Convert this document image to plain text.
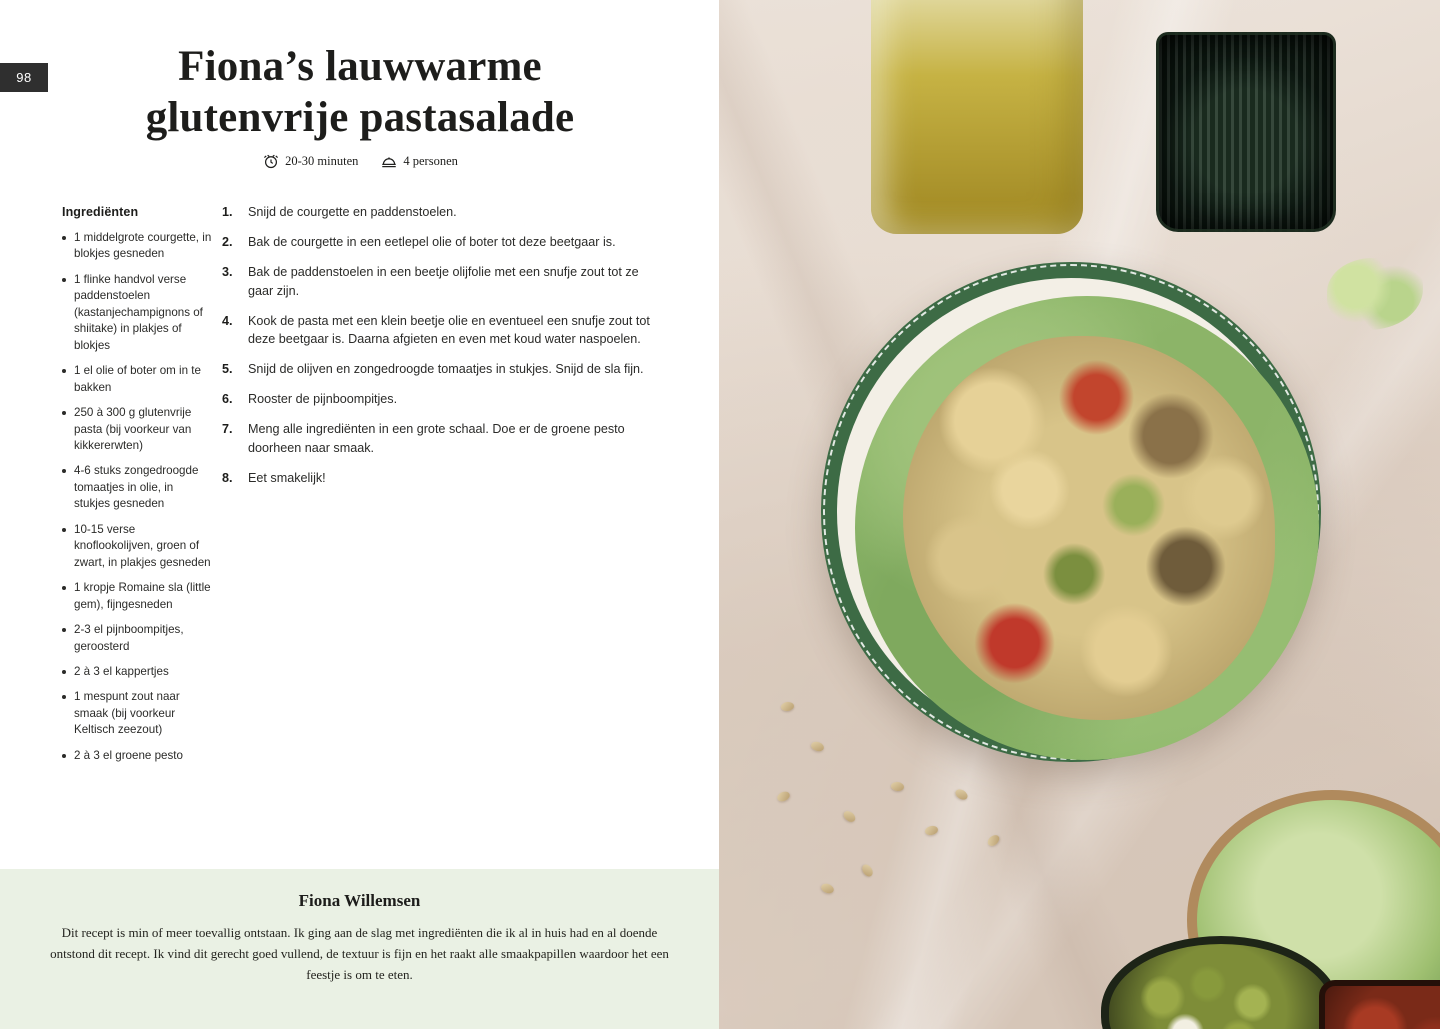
98	Fiona’s lauwwarme
glutenvrije pastasalade
20-30 minuten	4 personen
Ingrediënten
1 middelgrote courgette, in blokjes gesneden
1 flinke handvol verse paddenstoelen (kastanjechampignons of shiitake) in plakjes of blokjes
1 el olie of boter om in te bakken
250 à 300 g glutenvrije pasta (bij voorkeur van kikkererwten)
4-6 stuks zongedroogde tomaatjes in olie, in stukjes gesneden
10-15 verse knoflookolijven, groen of zwart, in plakjes gesneden
1 kropje Romaine sla (little gem), fijngesneden
2-3 el pijnboompitjes, geroosterd
2 à 3 el kappertjes
1 mespunt zout naar smaak (bij voorkeur Keltisch zeezout)
2 à 3 el groene pesto
1.	Snijd de courgette en paddenstoelen.
2.	Bak de courgette in een eetlepel olie of boter tot deze beetgaar is.
3.	Bak de paddenstoelen in een beetje olijfolie met een snufje zout tot ze gaar zijn.
4.	Kook de pasta met een klein beetje olie en eventueel een snufje zout tot deze beetgaar is. Daarna afgieten en even met koud water naspoelen.
5.	Snijd de olijven en zongedroogde tomaatjes in stukjes. Snijd de sla fijn.
6.	Rooster de pijnboompitjes.
7.	Meng alle ingrediënten in een grote schaal. Doe er de groene pesto doorheen naar smaak.
8.	Eet smakelijk!
Fiona Willemsen
Dit recept is min of meer toevallig ontstaan. Ik ging aan de slag met ingrediënten die ik al in huis had en al doende ontstond dit recept. Ik vind dit gerecht goed vullend, de textuur is fijn en het raakt alle smaakpapillen waardoor het een feestje is om te eten.
